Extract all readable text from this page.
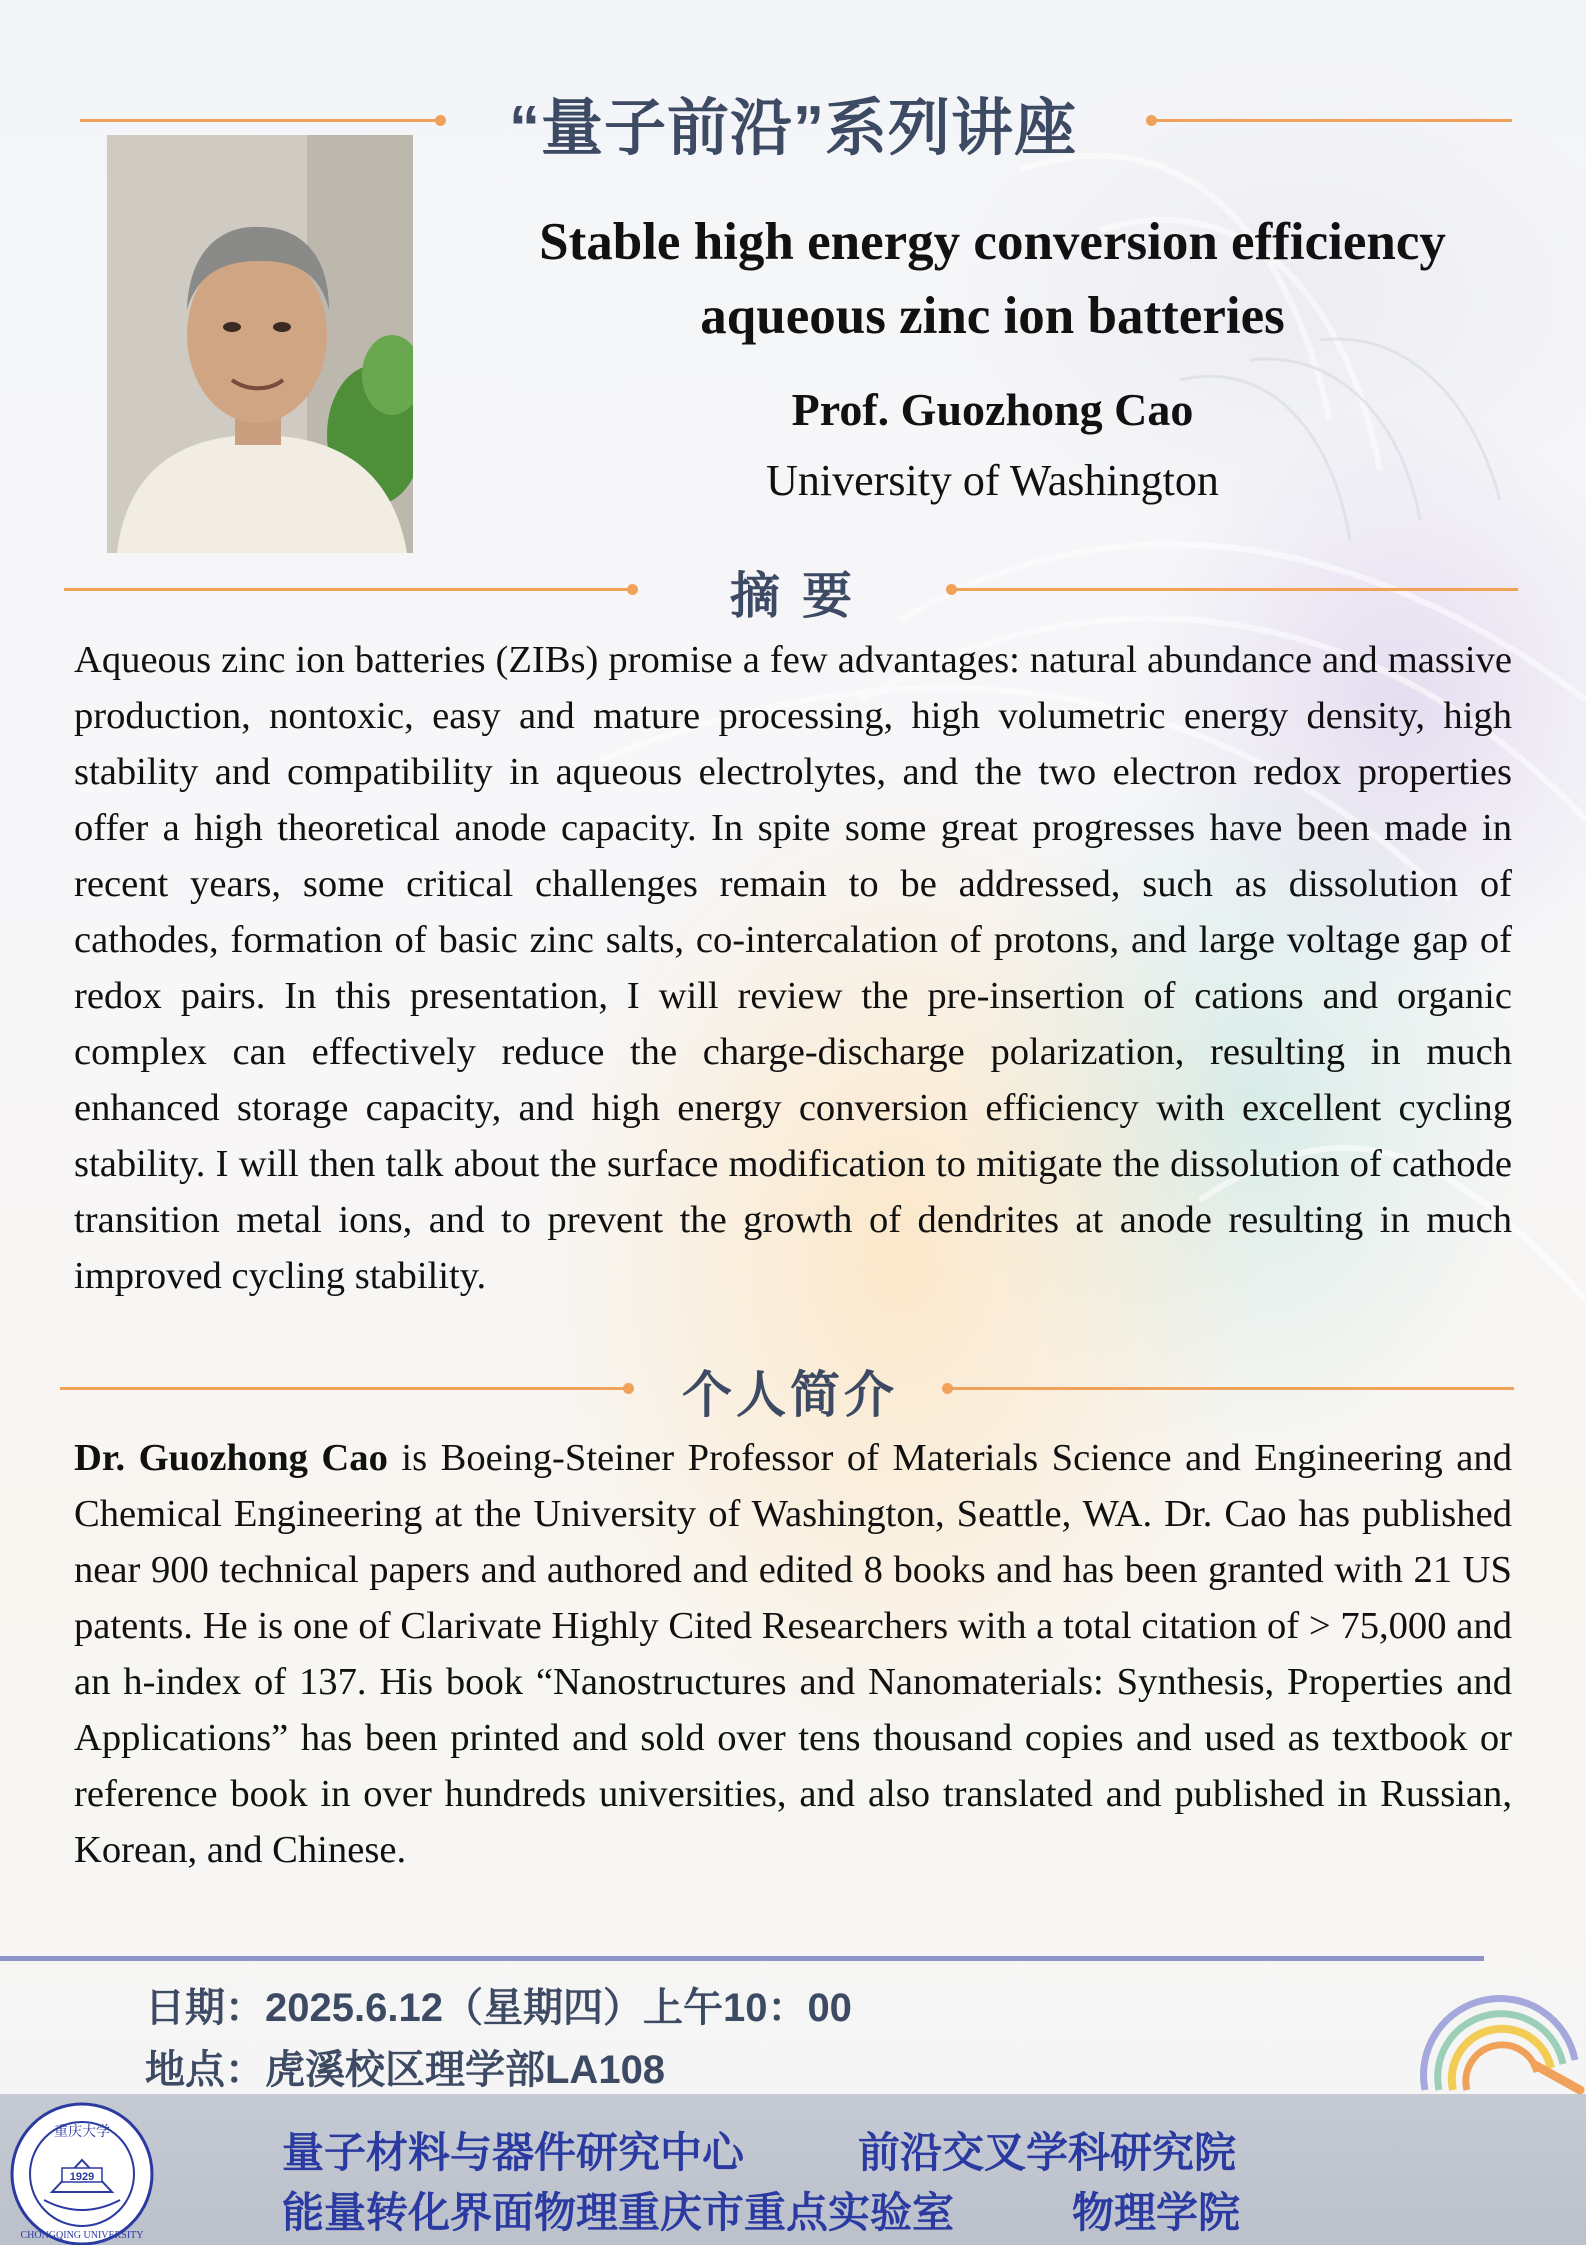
“量子前沿”系列讲座
Stable high energy conversion efficiency
aqueous zinc ion batteries
Prof. Guozhong Cao
University of Washington
摘 要
Aqueous zinc ion batteries (ZIBs) promise a few advantages: natural abundance and massive production, nontoxic, easy and mature processing, high volumetric energy density, high stability and compatibility in aqueous electrolytes, and the two electron redox properties offer a high theoretical anode capacity. In spite some great progresses have been made in recent years, some critical challenges remain to be addressed, such as dissolution of cathodes, formation of basic zinc salts, co-intercalation of protons, and large voltage gap of redox pairs. In this presentation, I will review the pre-insertion of cations and organic complex can effectively reduce the charge-discharge polarization, resulting in much enhanced storage capacity, and high energy conversion efficiency with excellent cycling stability. I will then talk about the surface modification to mitigate the dissolution of cathode transition metal ions, and to prevent the growth of dendrites at anode resulting in much improved cycling stability.
个人简介
Dr. Guozhong Cao is Boeing-Steiner Professor of Materials Science and Engineering and Chemical Engineering at the University of Washington, Seattle, WA. Dr. Cao has published near 900 technical papers and authored and edited 8 books and has been granted with 21 US patents. He is one of Clarivate Highly Cited Researchers with a total citation of > 75,000 and an h-index of 137. His book “Nanostructures and Nanomaterials: Synthesis, Properties and Applications” has been printed and sold over tens thousand copies and used as textbook or reference book in over hundreds universities, and also translated and published in Russian, Korean, and Chinese.
日期：2025.6.12（星期四）上午10：00
地点：虎溪校区理学部LA108
1929
重庆大学
CHONGQING UNIVERSITY
量子材料与器件研究中心	前沿交叉学科研究院
能量转化界面物理重庆市重点实验室	物理学院
